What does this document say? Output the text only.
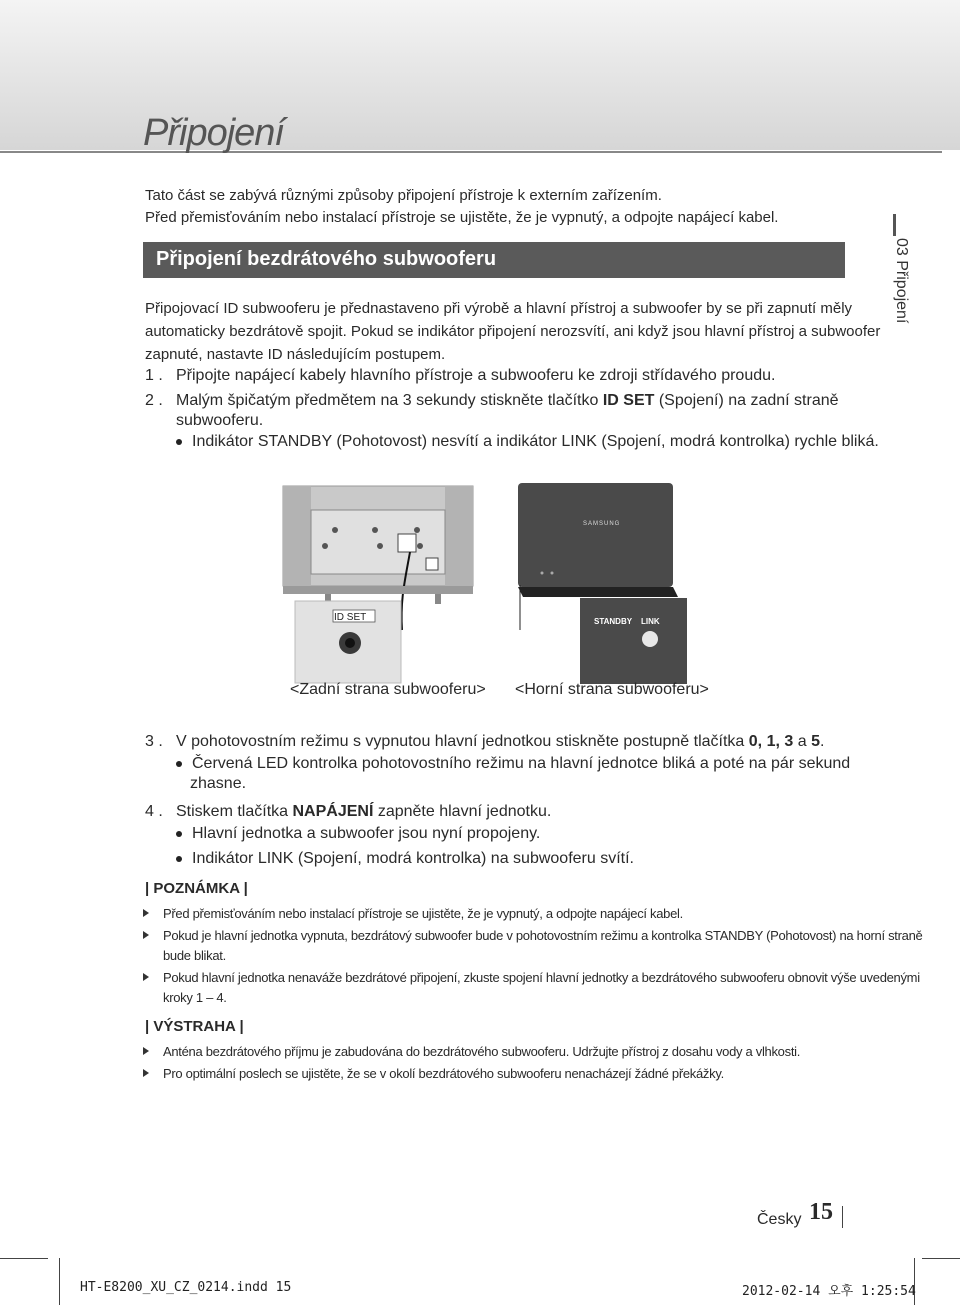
Připojení
Tato část se zabývá různými způsoby připojení přístroje k externím zařízením.
Před přemisťováním nebo instalací přístroje se ujistěte, že je vypnutý, a odpojte napájecí kabel.
Připojení bezdrátového subwooferu	03 Připojení
Připojovací ID subwooferu je přednastaveno při výrobě a hlavní přístroj a subwoofer by se při zapnutí měly
automaticky bezdrátově spojit. Pokud se indikátor připojení nerozsvítí, ani když jsou hlavní přístroj a subwoofer
zapnuté, nastavte ID následujícím postupem.
1 . Připojte napájecí kabely hlavního přístroje a subwooferu ke zdroji střídavého proudu.
2 . Malým špičatým předmětem na 3 sekundy stiskněte tlačítko ID SET (Spojení) na zadní straně
subwooferu.
Indikátor STANDBY (Pohotovost) nesvítí a indikátor LINK (Spojení, modrá kontrolka) rychle bliká.
ID SET
SAMSUNG
STANDBY LINK
<Zadní strana subwooferu> <Horní strana subwooferu>
3 . V pohotovostním režimu s vypnutou hlavní jednotkou stiskněte postupně tlačítka 0, 1, 3 a 5.
Červená LED kontrolka pohotovostního režimu na hlavní jednotce bliká a poté na pár sekund
zhasne.
4 . Stiskem tlačítka NAPÁJENÍ zapněte hlavní jednotku.
Hlavní jednotka a subwoofer jsou nyní propojeny.
Indikátor LINK (Spojení, modrá kontrolka) na subwooferu svítí.
| POZNÁMKA |
Před přemisťováním nebo instalací přístroje se ujistěte, že je vypnutý, a odpojte napájecí kabel.
Pokud je hlavní jednotka vypnuta, bezdrátový subwoofer bude v pohotovostním režimu a kontrolka STANDBY (Pohotovost) na horní straně
bude blikat.
Pokud hlavní jednotka nenaváže bezdrátové připojení, zkuste spojení hlavní jednotky a bezdrátového subwooferu obnovit výše uvedenými
kroky 1 – 4.
| VÝSTRAHA |
Anténa bezdrátového příjmu je zabudována do bezdrátového subwooferu. Udržujte přístroj z dosahu vody a vlhkosti.
Pro optimální poslech se ujistěte, že se v okolí bezdrátového subwooferu nenacházejí žádné překážky.
Česky 15
HT-E8200_XU_CZ_0214.indd 15	2012-02-14 오후 1:25:54
